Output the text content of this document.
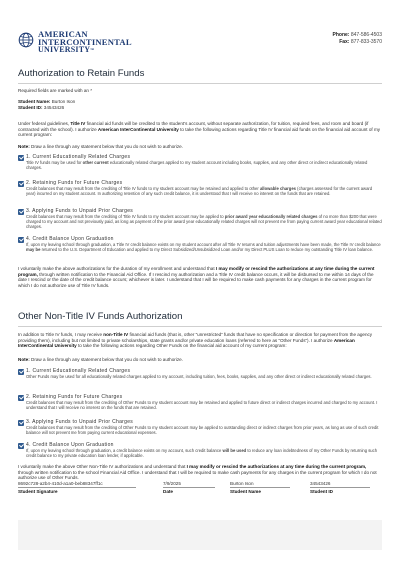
AMERICAN
INTERCONTINENTAL
UNIVERSITY™
Phone: 847-586-4503
Fax: 877-833-3570
Authorization to Retain Funds
Required fields are marked with an *
Student Name: Burton Ison
Student ID: 34543426
Under federal guidelines, Title IV financial aid funds will be credited to the student’s account, without separate authorization, for tuition, required fees, and room and board (if contracted with the school). I authorize American InterContinental University to take the following actions regarding Title IV financial aid funds on the financial aid account of my current program:
Note: Draw a line through any statement below that you do not wish to authorize.
1. Current Educationally Related Charges
Title IV funds may be used for other current educationally related charges applied to my student account including books, supplies, and any other direct or indirect educationally related charges.
2. Retaining Funds for Future Charges
Credit balances that may result from the crediting of Title IV funds to my student account may be retained and applied to other allowable charges (charges assessed for the current award year) incurred on my student account. In authorizing retention of any such credit balance, it is understood that I will receive no interest on the funds that are retained.
3. Applying Funds to Unpaid Prior Charges
Credit balances that may result from the crediting of Title IV funds to my student account may be applied to prior award year educationally related charges of no more than $200 that were charged to my account and not previously paid, as long as payment of the prior award year educationally related charges will not prevent me from paying current award year educational related charges.
4. Credit Balance Upon Graduation
If, upon my leaving school through graduation, a Title IV credit balance exists on my student account after all Title IV returns and tuition adjustments have been made, the Title IV credit balance may be returned to the U.S. Department of Education and applied to my Direct Subsidized/Unsubsidized Loan and/or my Direct PLUS Loan to reduce my outstanding Title IV loan balance.
I voluntarily make the above authorizations for the duration of my enrollment and understand that I may modify or rescind the authorizations at any time during the current program, through written notification to the Financial Aid Office. If I rescind my authorization and a Title IV credit balance occurs, it will be disbursed to me within 14 days of the date I rescind or the date of the credit balance occurs; whichever is later. I understand that I will be required to make cash payments for any charges in the current program for which I do not authorize use of Title IV funds.
Other Non-Title IV Funds Authorization
In addition to Title IV funds, I may receive non-Title IV financial aid funds (that is, other “unrestricted” funds that have no specification or direction for payment from the agency providing them), including but not limited to private scholarships, state grants and/or private education loans (referred to here as “Other Funds”). I authorize American InterContinental University to take the following actions regarding Other Funds on the financial aid account of my current program:
Note: Draw a line through any statement below that you do not wish to authorize.
1. Current Educationally Related Charges
Other Funds may be used for all educationally related charges applied to my account, including tuition, fees, books, supplies, and any other direct or indirect educationally related charges.
2. Retaining Funds for Future Charges
Credit balances that may result from the crediting of Other Funds to my student account may be retained and applied to future direct or indirect charges incurred and charged to my account. I understand that I will receive no interest on the funds that are retained.
3. Applying Funds to Unpaid Prior Charges
Credit balances that may result from the crediting of Other Funds to my student account may be applied to outstanding direct or indirect charges from prior years, as long as use of such credit balance will not prevent me from paying current educational expenses.
4. Credit Balance Upon Graduation
If, upon my leaving school through graduation, a credit balance exists on my account, such credit balance will be used to reduce any loan indebtedness of my Other Funds by returning such credit balance to my private education loan lender, if applicable.
I voluntarily make the above Other Non-Title IV authorizations and understand that I may modify or rescind the authorizations at any time during the current program, through written notification to the school Financial Aid Office. I understand that I will be required to make cash payments for any charges in the current program for which I do not authorize use of Other Funds.
8692c728-a2b4-410d-a1a0-beb88347ff1c
Student Signature
7/9/2025
Date
Burton Ison
Student Name
34543426
Student ID
